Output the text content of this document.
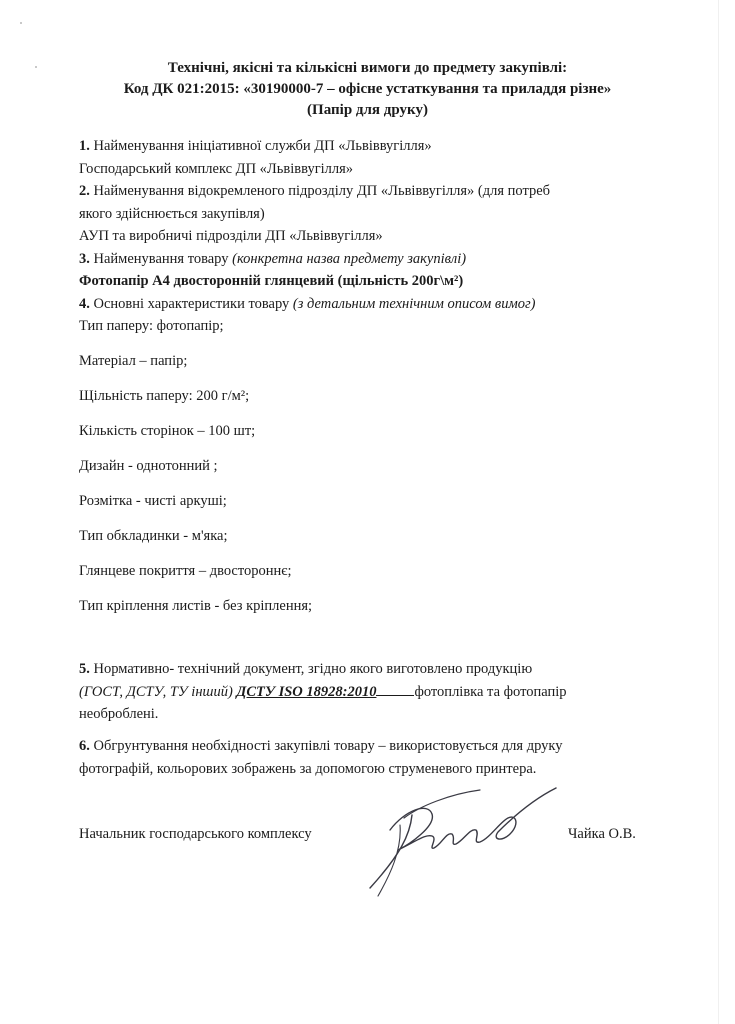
Технічні, якісні та кількісні вимоги до предмету закупівлі:
Код ДК 021:2015: «30190000-7 – офісне устаткування та приладдя різне»
(Папір для друку)
1. Найменування ініціативної служби ДП «Львіввугілля»
Господарський комплекс ДП «Львіввугілля»
2. Найменування відокремленого підрозділу ДП «Львіввугілля» (для потреб
якого здійснюється закупівля)
АУП та виробничі підрозділи ДП «Львіввугілля»
3. Найменування товару (конкретна назва предмету закупівлі)
Фотопапір А4 двосторонній глянцевий (щільність 200г\м²)
4. Основні характеристики товару (з детальним технічним описом вимог)
Тип паперу: фотопапір;
Матеріал – папір;
Щільність паперу: 200 г/м²;
Кількість сторінок – 100 шт;
Дизайн - однотонний ;
Розмітка - чисті аркуші;
Тип обкладинки - м'яка;
Глянцеве покриття – двостороннє;
Тип кріплення листів - без кріплення;
5. Нормативно- технічний документ, згідно якого виготовлено продукцію
(ГОСТ, ДСТУ, ТУ інший) ДСТУ ISO 18928:2010	фотоплівка та фотопапір
необроблені.
6. Обгрунтування необхідності закупівлі товару – використовується для друку
фотографій, кольорових зображень за допомогою струменевого принтера.
Начальник господарського комплексу	Чайка О.В.
